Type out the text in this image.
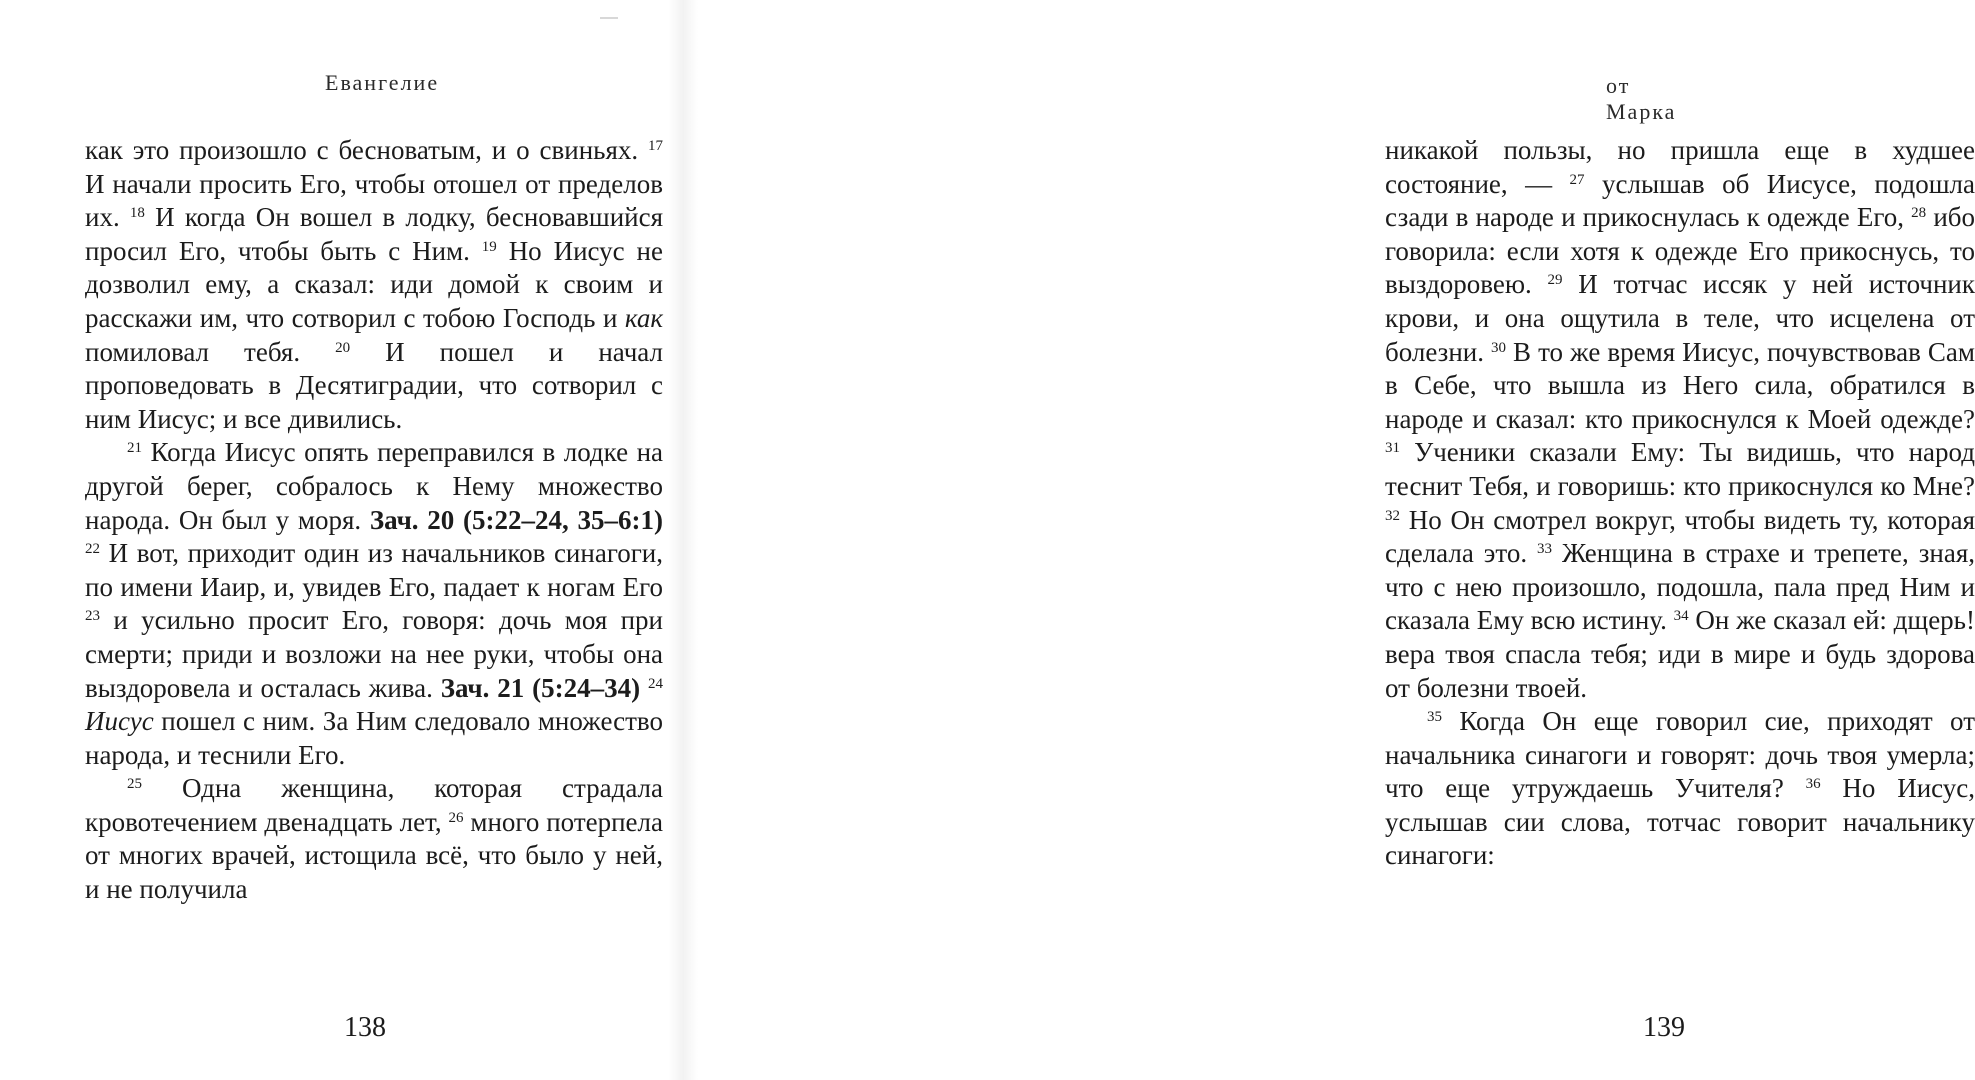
Евангелие

как это произошло с бесноватым, и о свиньях. $^{17}$ И начали просить Его, чтобы отошел от пределов их. $^{18}$ И когда Он вошел в лодку, бесновавшийся просил Его, чтобы быть с Ним. $^{19}$ Но Иисус не дозволил ему, а сказал: иди домой к своим и расскажи им, что сотворил с тобою Господь и как помиловал тебя. $^{20}$ И пошел и начал проповедовать в Десятиградии, что сотворил с ним Иисус; и все дивились.

$^{21}$ Когда Иисус опять переправился в лодке на другой берег, собралось к Нему множество народа. Он был у моря. Зач. 20 (5:22–24, 35–6:1) $^{22}$ И вот, приходит один из начальников синагоги, по имени Иаир, и, увидев Его, падает к ногам Его $^{23}$ и усильно просит Его, говоря: дочь моя при смерти; приди и возложи на нее руки, чтобы она выздоровела и осталась жива. Зач. 21 (5:24–34) $^{24}$ Иисус пошел с ним. За Ним следовало множество народа, и теснили Его.

$^{25}$ Одна женщина, которая страдала кровотечением двенадцать лет, $^{26}$ много потерпела от многих врачей, истощила всё, что было у ней, и не получила

138
от Марка

никакой пользы, но пришла еще в худшее состояние, — $^{27}$ услышав об Иисусе, подошла сзади в народе и прикоснулась к одежде Его, $^{28}$ ибо говорила: если хотя к одежде Его прикоснусь, то выздоровею. $^{29}$ И тотчас иссяк у ней источник крови, и она ощутила в теле, что исцелена от болезни. $^{30}$ В то же время Иисус, почувствовав Сам в Себе, что вышла из Него сила, обратился в народе и сказал: кто прикоснулся к Моей одежде? $^{31}$ Ученики сказали Ему: Ты видишь, что народ теснит Тебя, и говоришь: кто прикоснулся ко Мне? $^{32}$ Но Он смотрел вокруг, чтобы видеть ту, которая сделала это. $^{33}$ Женщина в страхе и трепете, зная, что с нею произошло, подошла, пала пред Ним и сказала Ему всю истину. $^{34}$ Он же сказал ей: дщерь! вера твоя спасла тебя; иди в мире и будь здорова от болезни твоей.

$^{35}$ Когда Он еще говорил сие, приходят от начальника синагоги и говорят: дочь твоя умерла; что еще утруждаешь Учителя? $^{36}$ Но Иисус, услышав сии слова, тотчас говорит начальнику синагоги:

139
